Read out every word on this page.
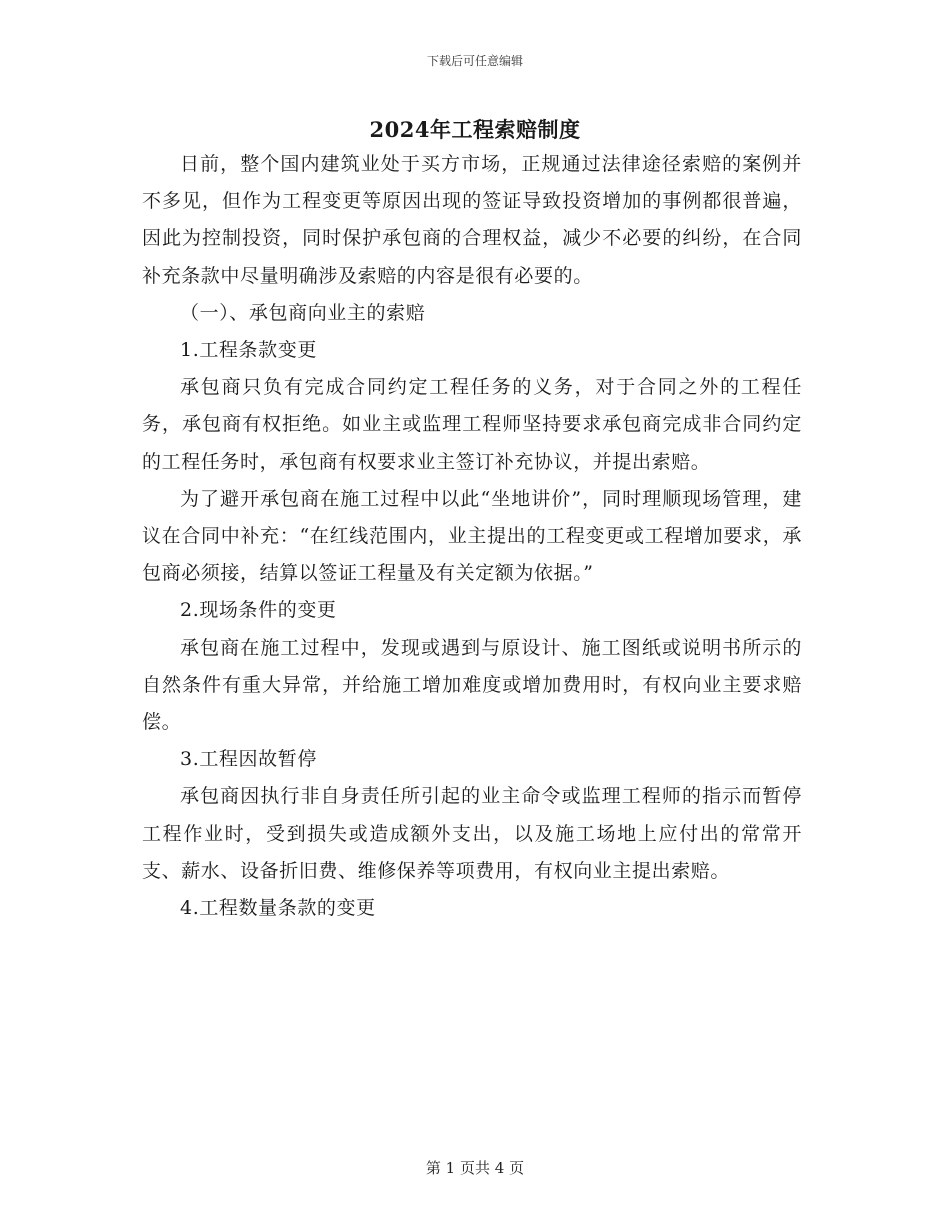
下载后可任意编辑
2024年工程索赔制度

日前，整个国内建筑业处于买方市场，正规通过法律途径索赔的案例并不多见，但作为工程变更等原因出现的签证导致投资增加的事例都很普遍，因此为控制投资，同时保护承包商的合理权益，减少不必要的纠纷，在合同补充条款中尽量明确涉及索赔的内容是很有必要的。

（一）、承包商向业主的索赔

1.工程条款变更

承包商只负有完成合同约定工程任务的义务，对于合同之外的工程任务，承包商有权拒绝。如业主或监理工程师坚持要求承包商完成非合同约定的工程任务时，承包商有权要求业主签订补充协议，并提出索赔。

为了避开承包商在施工过程中以此“坐地讲价”，同时理顺现场管理，建议在合同中补充：“在红线范围内，业主提出的工程变更或工程增加要求，承包商必须接，结算以签证工程量及有关定额为依据。”

2.现场条件的变更

承包商在施工过程中，发现或遇到与原设计、施工图纸或说明书所示的自然条件有重大异常，并给施工增加难度或增加费用时，有权向业主要求赔偿。

3.工程因故暂停

承包商因执行非自身责任所引起的业主命令或监理工程师的指示而暂停工程作业时，受到损失或造成额外支出，以及施工场地上应付出的常常开支、薪水、设备折旧费、维修保养等项费用，有权向业主提出索赔。

4.工程数量条款的变更

第 1 页共 4 页
